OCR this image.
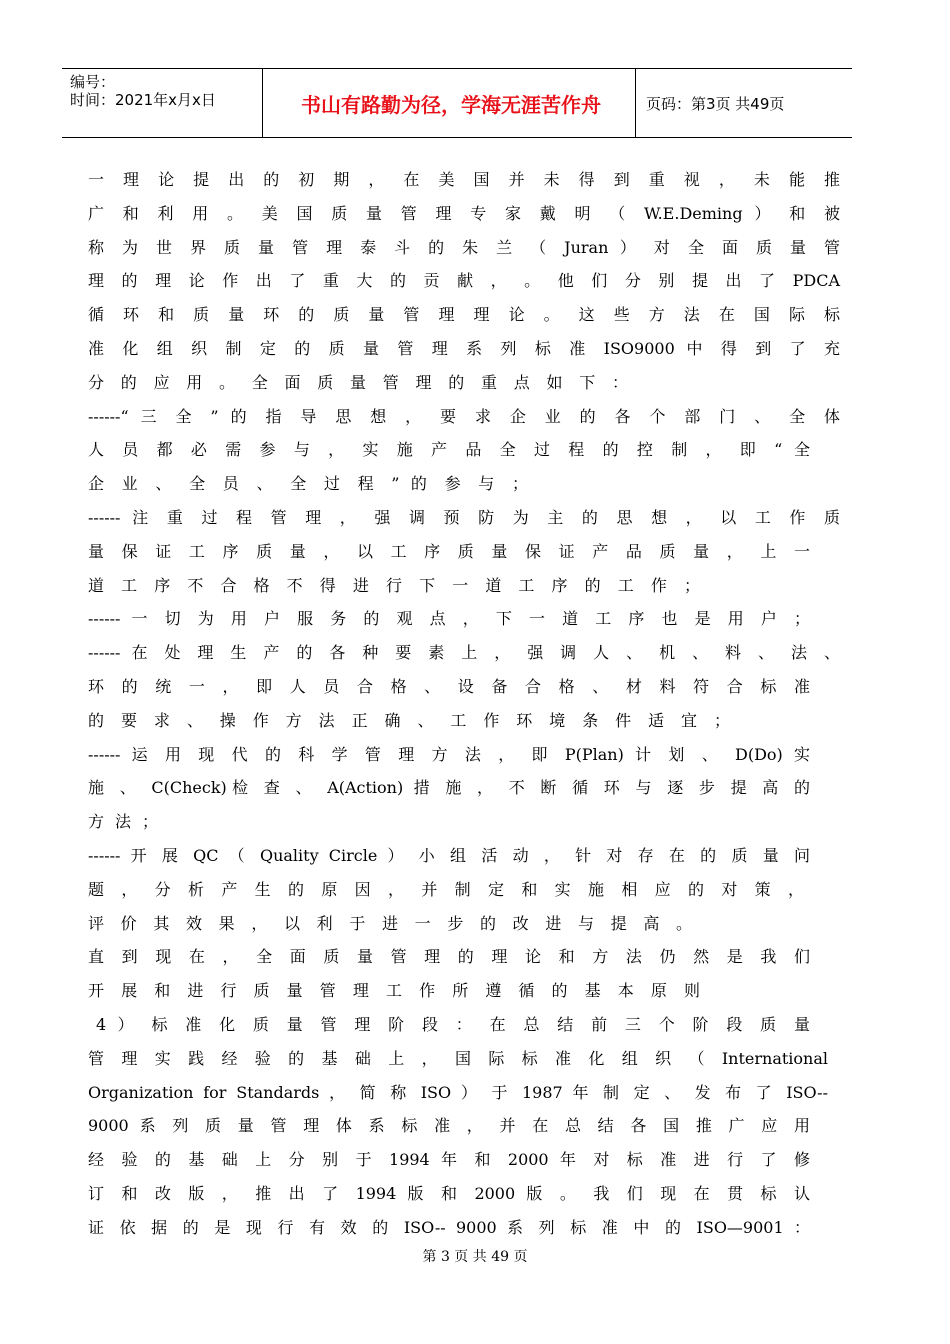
编号：
时间：2021年x月x日	书山有路勤为径，学海无涯苦作舟	页码：第3页 共49页
一 理 论 提 出 的 初 期 ， 在 美 国 并 未 得 到 重 视 ， 未 能 推
广 和 利 用 。 美 国 质 量 管 理 专 家 戴 明 （ W.E.Deming ） 和 被
称 为 世 界 质 量 管 理 泰 斗 的 朱 兰 （ Juran ） 对 全 面 质 量 管
理 的 理 论 作 出 了 重 大 的 贡 献 ， 。 他 们 分 别 提 出 了 PDCA
循 环 和 质 量 环 的 质 量 管 理 理 论 。 这 些 方 法 在 国 际 标
准 化 组 织 制 定 的 质 量 管 理 系 列 标 准 ISO9000 中 得 到 了 充
分 的 应 用 。 全 面 质 量 管 理 的 重 点 如 下 ：
------“ 三 全 ” 的 指 导 思 想 ， 要 求 企 业 的 各 个 部 门 、 全 体
人 员 都 必 需 参 与 ， 实 施 产 品 全 过 程 的 控 制 ， 即 “ 全
企 业 、 全 员 、 全 过 程 ” 的 参 与 ；
------ 注 重 过 程 管 理 ， 强 调 预 防 为 主 的 思 想 ， 以 工 作 质
量 保 证 工 序 质 量 ， 以 工 序 质 量 保 证 产 品 质 量 ， 上 一
道 工 序 不 合 格 不 得 进 行 下 一 道 工 序 的 工 作 ；
------ 一 切 为 用 户 服 务 的 观 点 ， 下 一 道 工 序 也 是 用 户 ；
------ 在 处 理 生 产 的 各 种 要 素 上 ， 强 调 人 、 机 、 料 、 法 、
环 的 统 一 ， 即 人 员 合 格 、 设 备 合 格 、 材 料 符 合 标 准
的 要 求 、 操 作 方 法 正 确 、 工 作 环 境 条 件 适 宜 ；
------ 运 用 现 代 的 科 学 管 理 方 法 ， 即 P(Plan) 计 划 、 D(Do) 实
施 、 C(Check)检 查 、 A(Action) 措 施 ， 不 断 循 环 与 逐 步 提 高 的
方 法 ；
------ 开 展 QC （ Quality Circle ） 小 组 活 动 ， 针 对 存 在 的 质 量 问
题 ， 分 析 产 生 的 原 因 ， 并 制 定 和 实 施 相 应 的 对 策 ，
评 价 其 效 果 ， 以 利 于 进 一 步 的 改 进 与 提 高 。
直 到 现 在 ， 全 面 质 量 管 理 的 理 论 和 方 法 仍 然 是 我 们
开 展 和 进 行 质 量 管 理 工 作 所 遵 循 的 基 本 原 则
4 ） 标 准 化 质 量 管 理 阶 段 ： 在 总 结 前 三 个 阶 段 质 量
管 理 实 践 经 验 的 基 础 上 ， 国 际 标 准 化 组 织 （ International
Organization for Standards ， 简 称 ISO ） 于 1987 年 制 定 、 发 布 了 ISO--
9000 系 列 质 量 管 理 体 系 标 准 ， 并 在 总 结 各 国 推 广 应 用
经 验 的 基 础 上 分 别 于 1994 年 和 2000 年 对 标 准 进 行 了 修
订 和 改 版 ， 推 出 了 1994 版 和 2000 版 。 我 们 现 在 贯 标 认
证 依 据 的 是 现 行 有 效 的 ISO-- 9000 系 列 标 准 中 的 ISO—9001 ：
第 3 页 共 49 页
